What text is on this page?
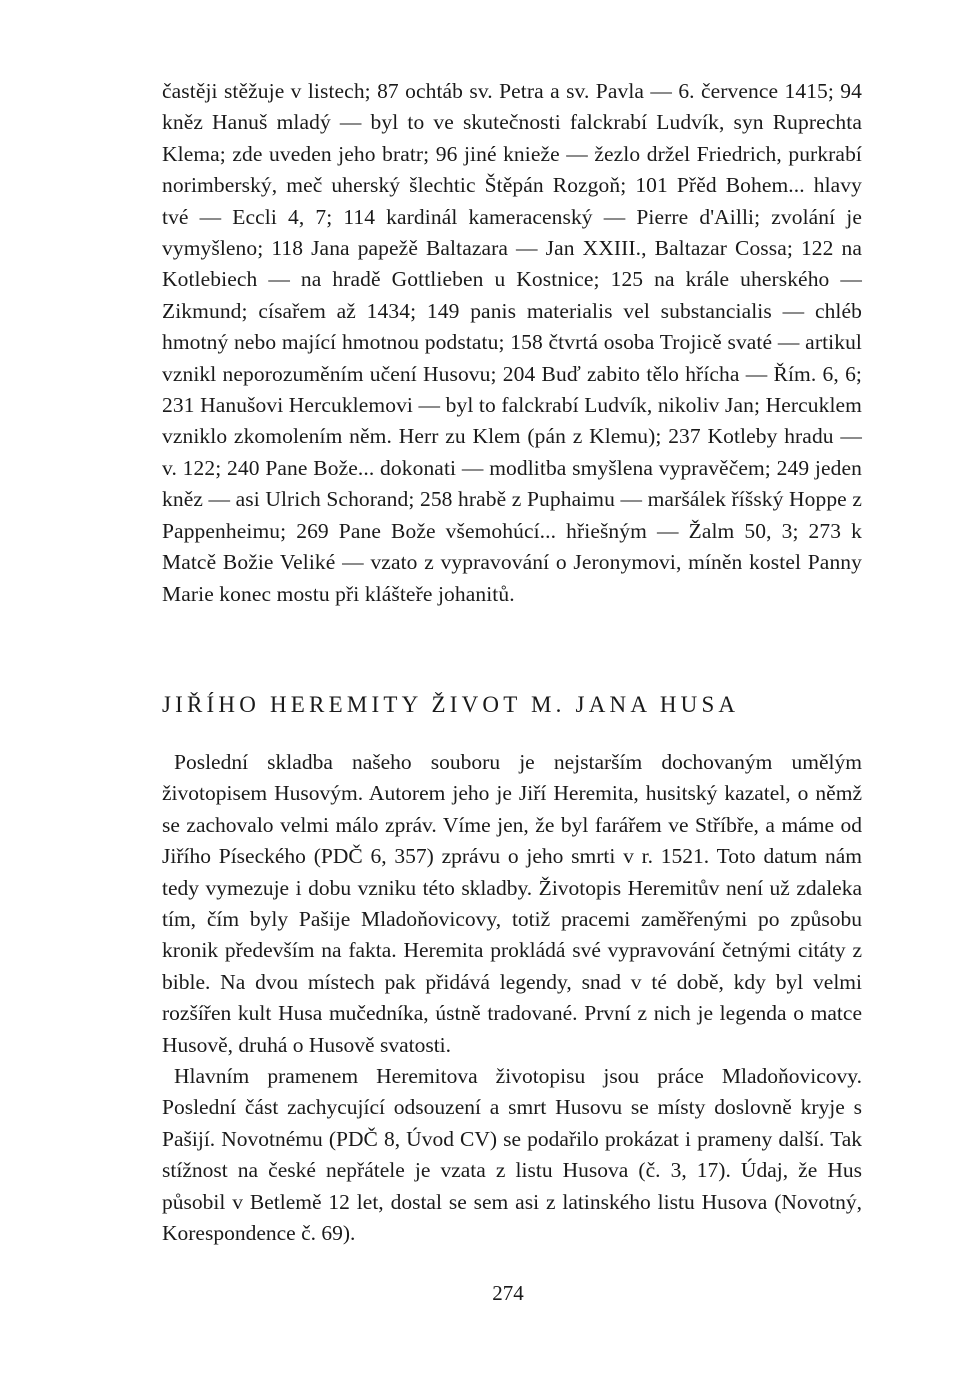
častěji stěžuje v listech; 87 ochtáb sv. Petra a sv. Pavla — 6. července 1415; 94 kněz Hanuš mladý — byl to ve skutečnosti falckrabí Ludvík, syn Ruprechta Klema; zde uveden jeho bratr; 96 jiné knieže — žezlo držel Friedrich, purkrabí norimberský, meč uherský šlechtic Štěpán Rozgoň; 101 Přěd Bohem... hlavy tvé — Eccli 4, 7; 114 kardinál kameracenský — Pierre d'Ailli; zvolání je vymyšleno; 118 Jana papežě Baltazara — Jan XXIII., Baltazar Cossa; 122 na Kotlebiech — na hradě Gottlieben u Kostnice; 125 na krále uherského — Zikmund; císařem až 1434; 149 panis materialis vel substancialis — chléb hmotný nebo mající hmotnou podstatu; 158 čtvrtá osoba Trojicě svaté — artikul vznikl neporozuměním učení Husovu; 204 Buď zabito tělo hřícha — Řím. 6, 6; 231 Hanušovi Hercuklemovi — byl to falckrabí Ludvík, nikoliv Jan; Hercuklem vzniklo zkomolením něm. Herr zu Klem (pán z Klemu); 237 Kotleby hradu — v. 122; 240 Pane Bože... dokonati — modlitba smyšlena vypravěčem; 249 jeden kněz — asi Ulrich Schorand; 258 hrabě z Puphaimu — maršálek říšský Hoppe z Pappenheimu; 269 Pane Bože všemohúcí... hřiešným — Žalm 50, 3; 273 k Matcě Božie Veliké — vzato z vypravování o Jeronymovi, míněn kostel Panny Marie konec mostu při klášteře johanitů.

JIŘÍHO HEREMITY ŽIVOT M. JANA HUSA

Poslední skladba našeho souboru je nejstarším dochovaným umělým životopisem Husovým. Autorem jeho je Jiří Heremita, husitský kazatel, o němž se zachovalo velmi málo zpráv. Víme jen, že byl farářem ve Stříbře, a máme od Jiřího Píseckého (PDČ 6, 357) zprávu o jeho smrti v r. 1521. Toto datum nám tedy vymezuje i dobu vzniku této skladby. Životopis Heremitův není už zdaleka tím, čím byly Pašije Mladoňovicovy, totiž pracemi zaměřenými po způsobu kronik především na fakta. Heremita prokládá své vypravování četnými citáty z bible. Na dvou místech pak přidává legendy, snad v té době, kdy byl velmi rozšířen kult Husa mučedníka, ústně tradované. První z nich je legenda o matce Husově, druhá o Husově svatosti.

Hlavním pramenem Heremitova životopisu jsou práce Mladoňovicovy. Poslední část zachycující odsouzení a smrt Husovu se místy doslovně kryje s Pašijí. Novotnému (PDČ 8, Úvod CV) se podařilo prokázat i prameny další. Tak stížnost na české nepřátele je vzata z listu Husova (č. 3, 17). Údaj, že Hus působil v Betlemě 12 let, dostal se sem asi z latinského listu Husova (Novotný, Korespondence č. 69).

274
